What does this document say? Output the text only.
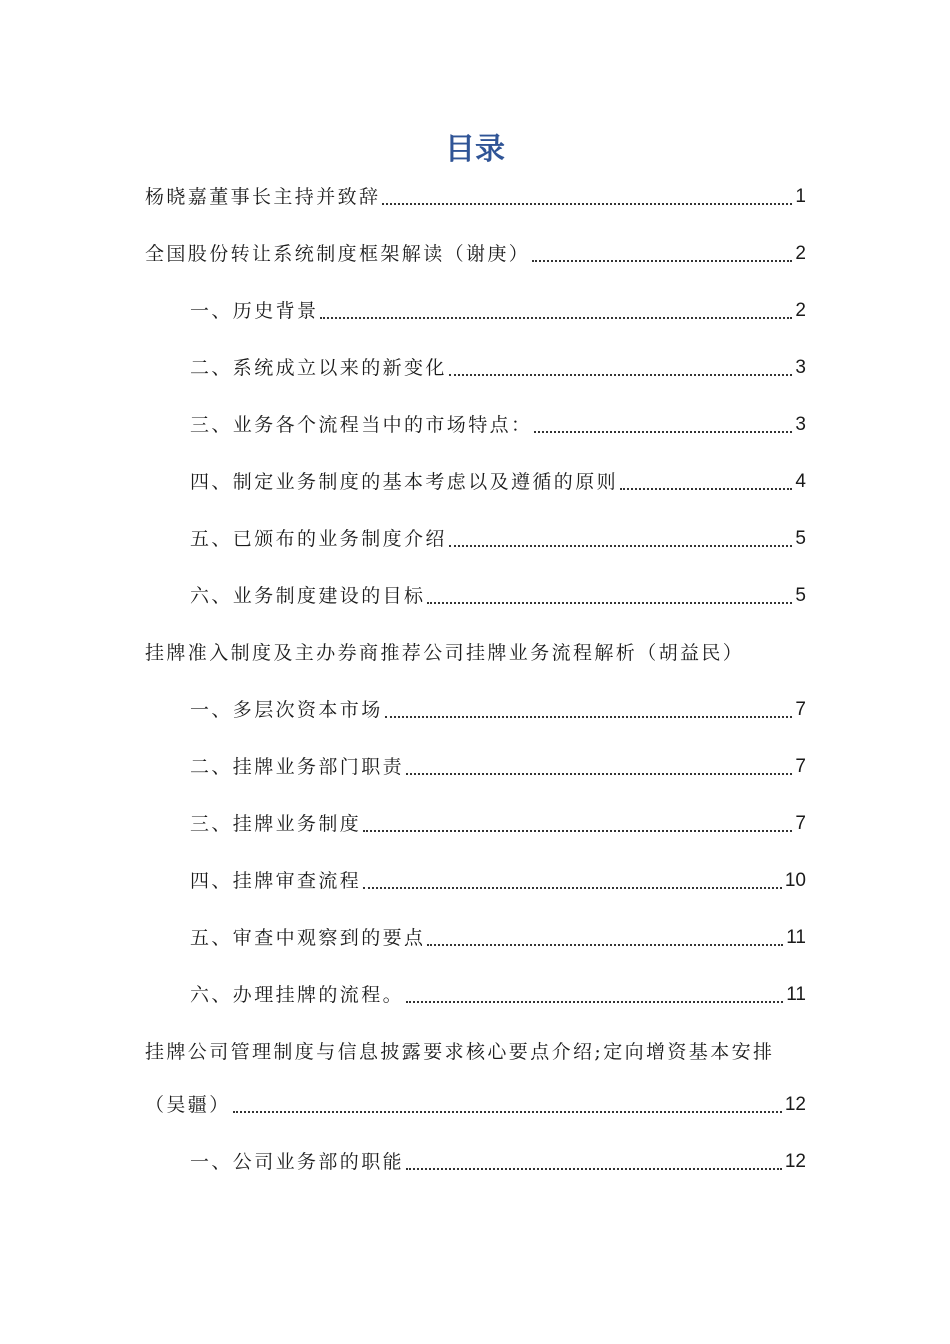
目录
杨晓嘉董事长主持并致辞	1
全国股份转让系统制度框架解读（谢庚）	2
一、历史背景	2
二、系统成立以来的新变化	3
三、业务各个流程当中的市场特点：	3
四、制定业务制度的基本考虑以及遵循的原则	4
五、已颁布的业务制度介绍	5
六、业务制度建设的目标	5
挂牌准入制度及主办券商推荐公司挂牌业务流程解析（胡益民）
一、多层次资本市场	7
二、挂牌业务部门职责	7
三、挂牌业务制度	7
四、挂牌审查流程	10
五、审查中观察到的要点	11
六、办理挂牌的流程。	11
挂牌公司管理制度与信息披露要求核心要点介绍;定向增资基本安排
（吴疆）	12
一、公司业务部的职能	12
